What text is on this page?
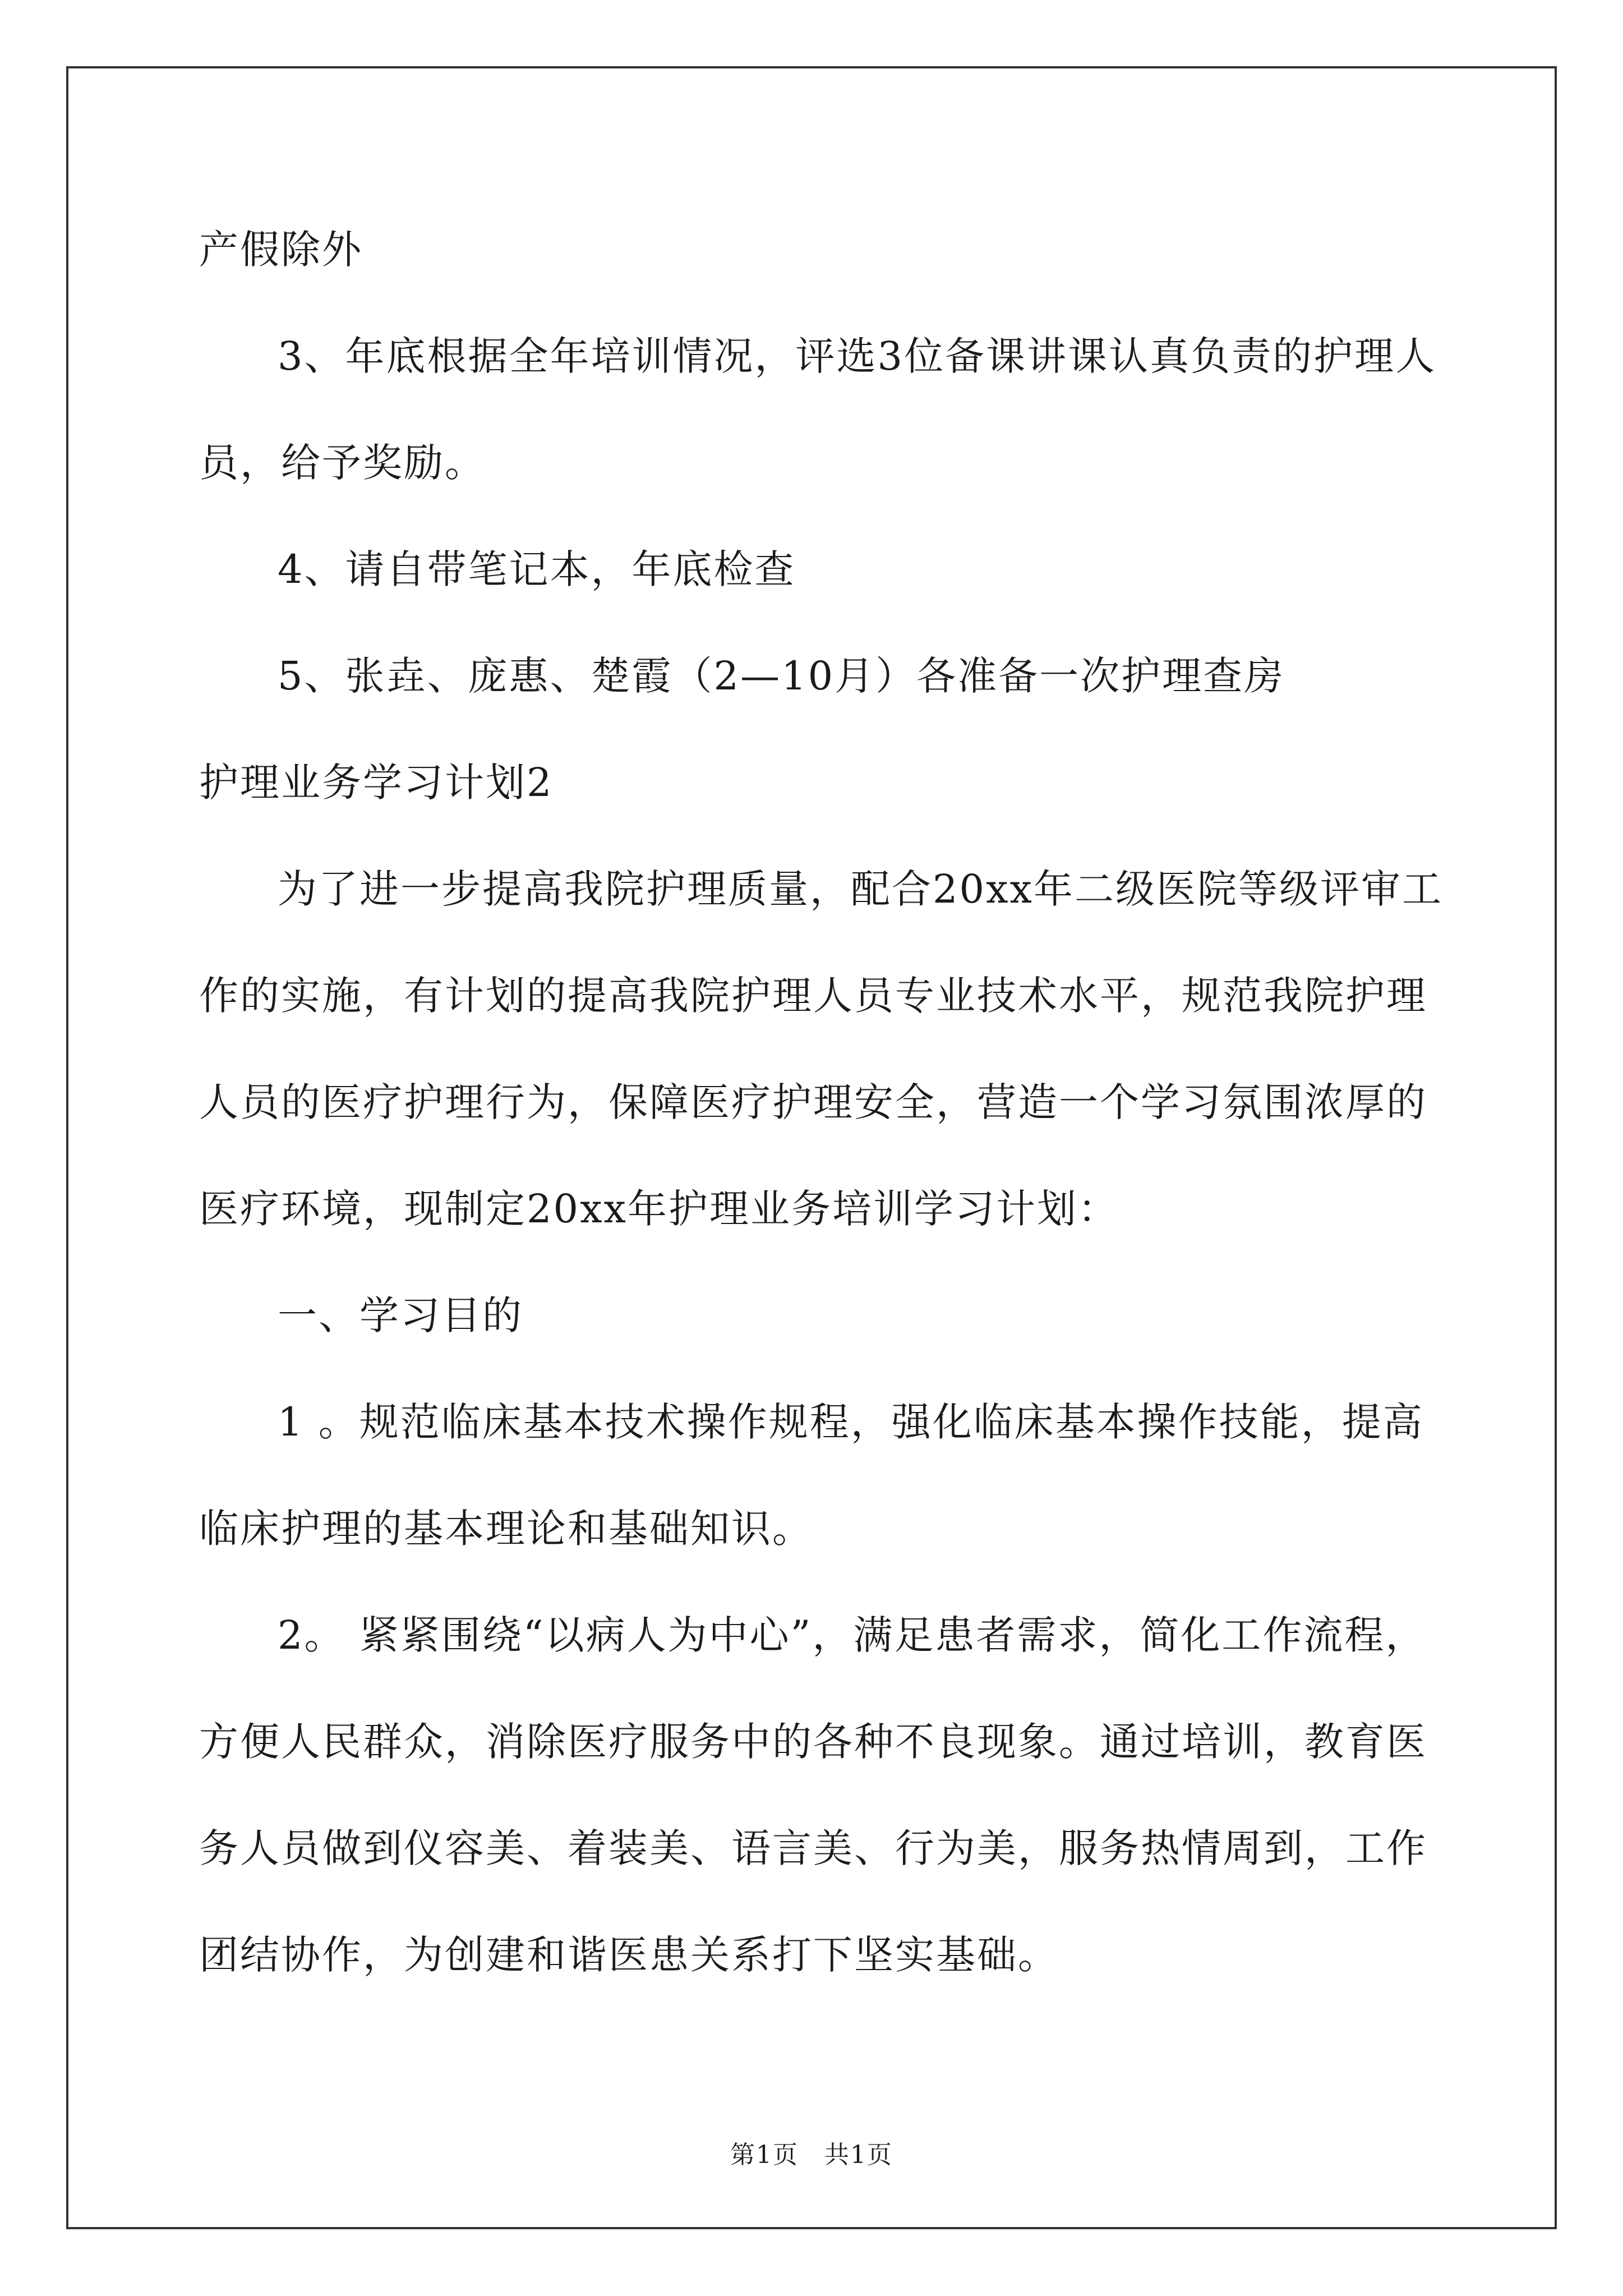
产假除外
3、年底根据全年培训情况，评选3位备课讲课认真负责的护理人
员，给予奖励。
4、请自带笔记本，年底检查
5、张垚、庞惠、楚霞（2—10月）各准备一次护理查房
护理业务学习计划2
为了进一步提高我院护理质量，配合20xx年二级医院等级评审工
作的实施，有计划的提高我院护理人员专业技术水平，规范我院护理
人员的医疗护理行为，保障医疗护理安全，营造一个学习氛围浓厚的
医疗环境，现制定20xx年护理业务培训学习计划：
一、学习目的
1 。规范临床基本技术操作规程，强化临床基本操作技能，提高
临床护理的基本理论和基础知识。
2。 紧紧围绕“以病人为中心”，满足患者需求，简化工作流程，
方便人民群众，消除医疗服务中的各种不良现象。通过培训，教育医
务人员做到仪容美、着装美、语言美、行为美，服务热情周到，工作
团结协作，为创建和谐医患关系打下坚实基础。
第1页　共1页
